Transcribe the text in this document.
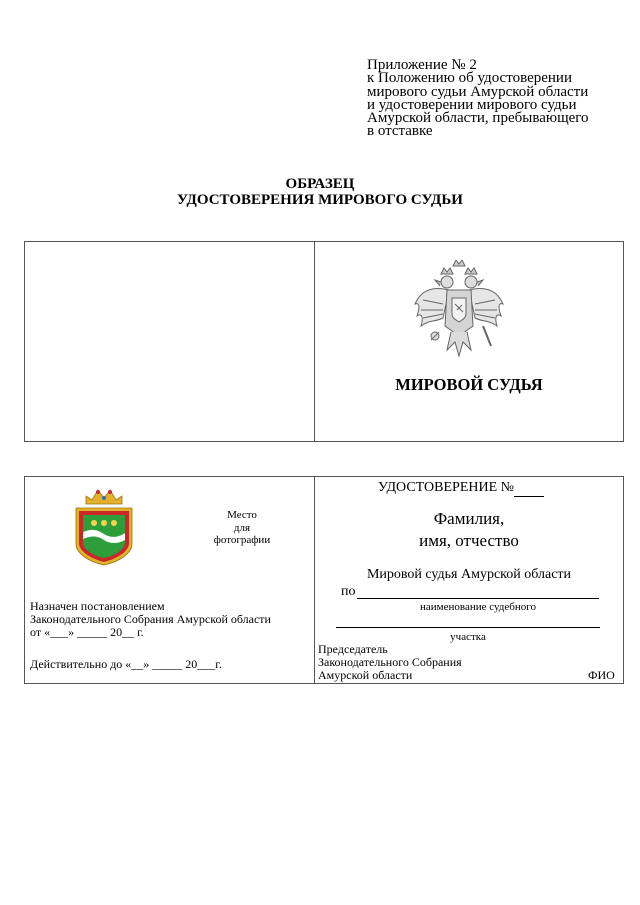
Приложение № 2
к Положению об удостоверении
мирового судьи Амурской области
и удостоверении мирового судьи
Амурской области, пребывающего
в отставке
ОБРАЗЕЦ
УДОСТОВЕРЕНИЯ МИРОВОГО СУДЬИ
МИРОВОЙ СУДЬЯ
Место
для
фотографии
Назначен постановлением
Законодательного Собрания Амурской области
от «___» _____ 20__ г.
Действительно до «__» _____ 20___г.
УДОСТОВЕРЕНИЕ №
Фамилия,
имя, отчество
Мировой судья Амурской области
по
наименование судебного
участка
Председатель
Законодательного Собрания
Амурской области	ФИО
